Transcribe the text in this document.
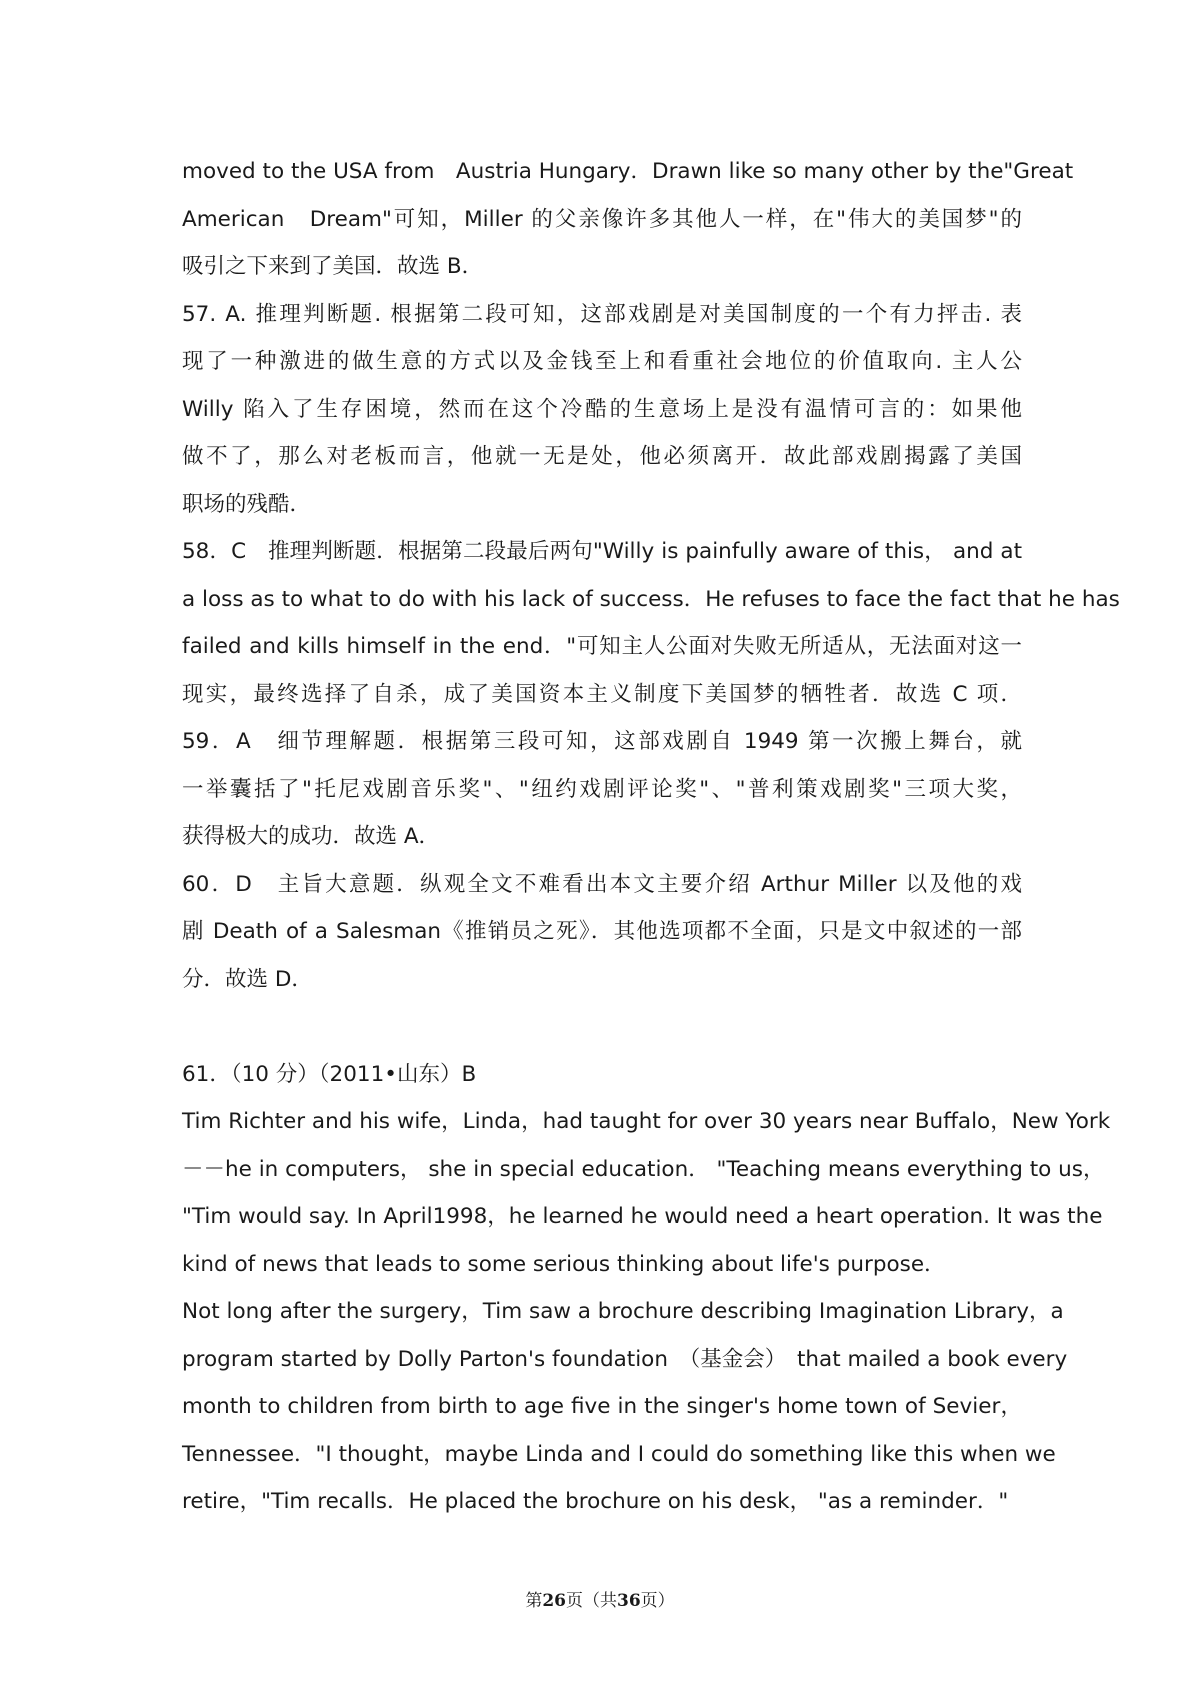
moved to the USA from　Austria Hungary．Drawn like so many other by the"Great
American　Dream"可知，Miller 的父亲像许多其他人一样，在"伟大的美国梦"的
吸引之下来到了美国．故选 B．
57. A. 推理判断题. 根据第二段可知，这部戏剧是对美国制度的一个有力抨击. 表
现了一种激进的做生意的方式以及金钱至上和看重社会地位的价值取向. 主人公
Willy 陷入了生存困境，然而在这个冷酷的生意场上是没有温情可言的：如果他
做不了，那么对老板而言，他就一无是处，他必须离开．故此部戏剧揭露了美国
职场的残酷．
58．C　推理判断题．根据第二段最后两句"Willy is painfully aware of this， and at
a loss as to what to do with his lack of success．He refuses to face the fact that he has
failed and kills himself in the end．"可知主人公面对失败无所适从，无法面对这一
现实，最终选择了自杀，成了美国资本主义制度下美国梦的牺牲者．故选 C 项．
59．A　细节理解题．根据第三段可知，这部戏剧自 1949 第一次搬上舞台，就
一举囊括了"托尼戏剧音乐奖"、"纽约戏剧评论奖"、"普利策戏剧奖"三项大奖，
获得极大的成功．故选 A．
60．D　主旨大意题．纵观全文不难看出本文主要介绍 Arthur Miller 以及他的戏
剧 Death of a Salesman《推销员之死》．其他选项都不全面，只是文中叙述的一部
分．故选 D．
61．（10 分）（2011•山东）B
Tim Richter and his wife，Linda，had taught for over 30 years near Buffalo，New York
－－he in computers， she in special education． "Teaching means everything to us，
"Tim would say. In April1998，he learned he would need a heart operation. It was the
kind of news that leads to some serious thinking about life's purpose．
Not long after the surgery，Tim saw a brochure describing Imagination Library，a
program started by Dolly Parton's foundation　（基金会）　that mailed a book every
month to children from birth to age five in the singer's home town of Sevier，
Tennessee．"I thought，maybe Linda and I could do something like this when we
retire，"Tim recalls．He placed the brochure on his desk， "as a reminder．"
第26页（共36页）
